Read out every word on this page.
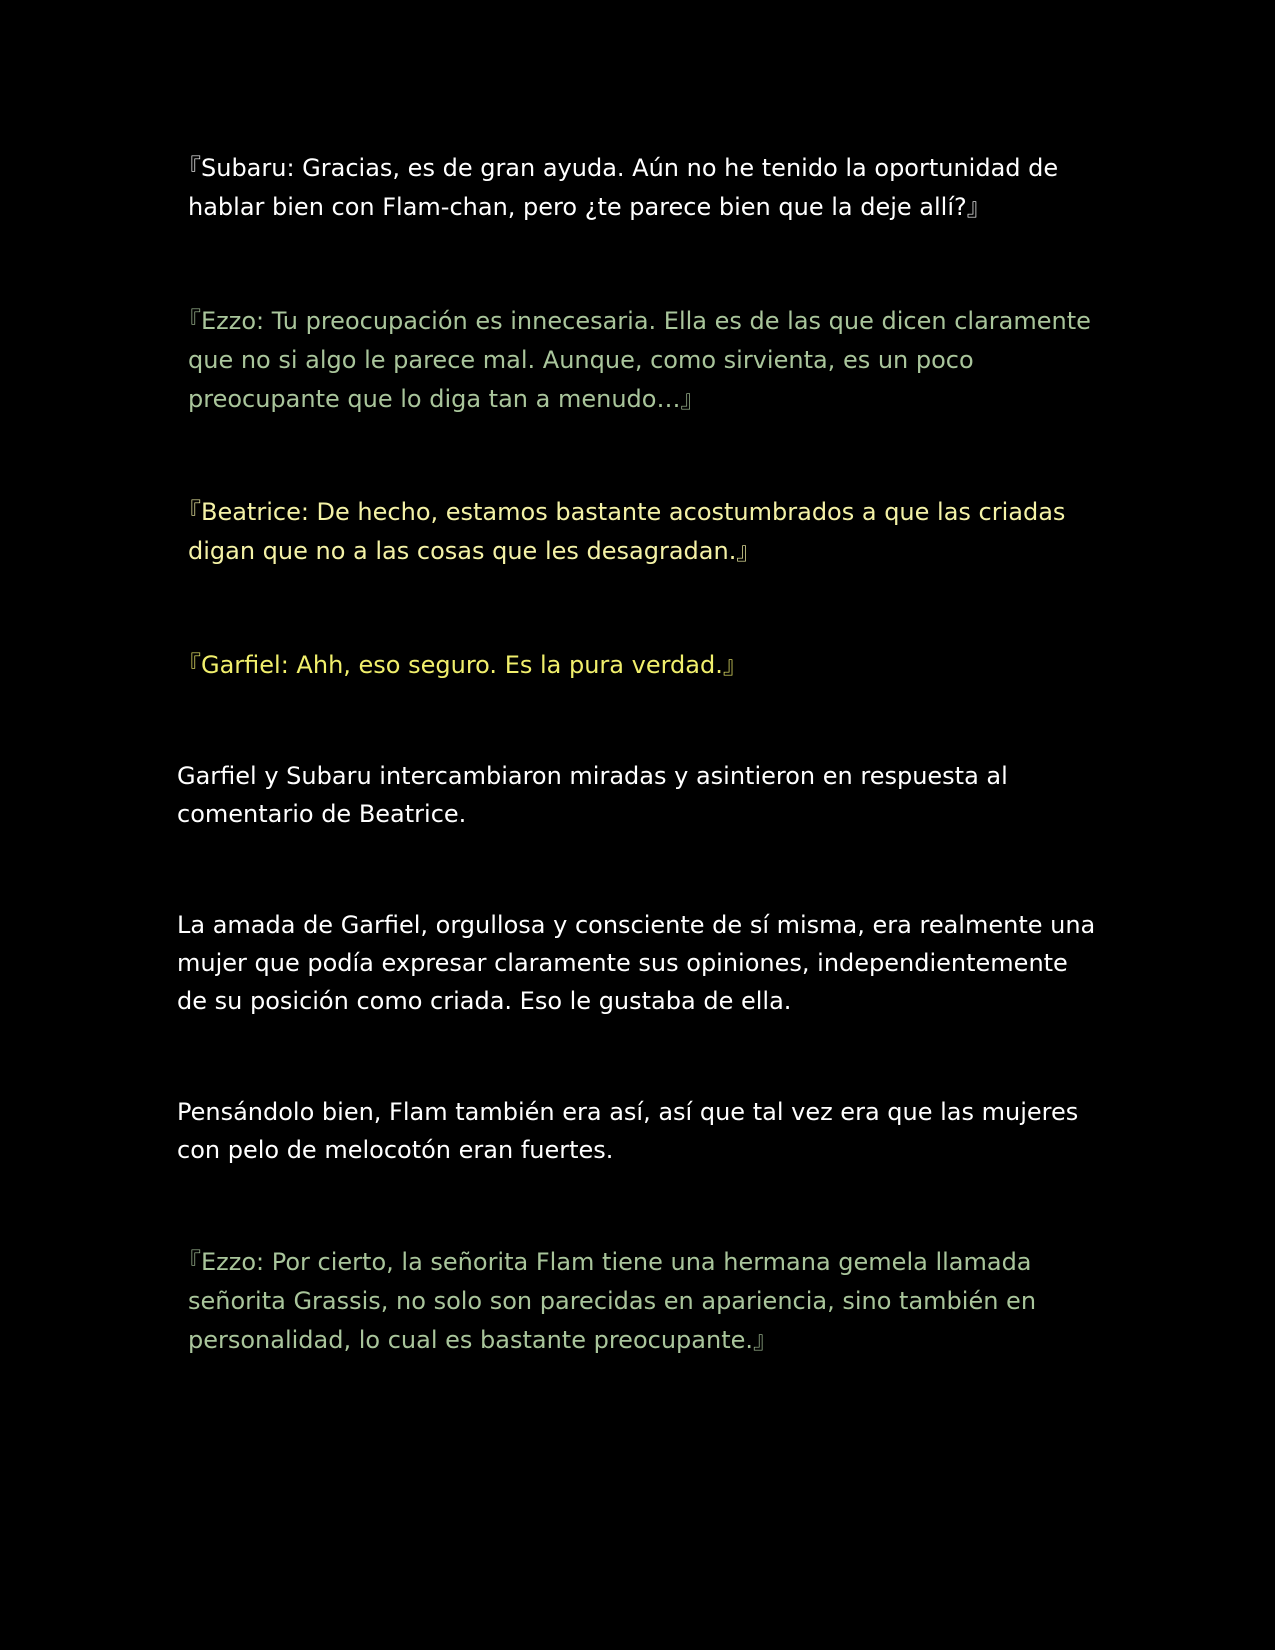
『Subaru: Gracias, es de gran ayuda. Aún no he tenido la oportunidad de hablar bien con Flam-chan, pero ¿te parece bien que la deje allí?』

『Ezzo: Tu preocupación es innecesaria. Ella es de las que dicen claramente que no si algo le parece mal. Aunque, como sirvienta, es un poco preocupante que lo diga tan a menudo…』

『Beatrice: De hecho, estamos bastante acostumbrados a que las criadas digan que no a las cosas que les desagradan.』

『Garfiel: Ahh, eso seguro. Es la pura verdad.』

Garfiel y Subaru intercambiaron miradas y asintieron en respuesta al comentario de Beatrice.

La amada de Garfiel, orgullosa y consciente de sí misma, era realmente una mujer que podía expresar claramente sus opiniones, independientemente de su posición como criada. Eso le gustaba de ella.

Pensándolo bien, Flam también era así, así que tal vez era que las mujeres con pelo de melocotón eran fuertes.

『Ezzo: Por cierto, la señorita Flam tiene una hermana gemela llamada señorita Grassis, no solo son parecidas en apariencia, sino también en personalidad, lo cual es bastante preocupante.』
